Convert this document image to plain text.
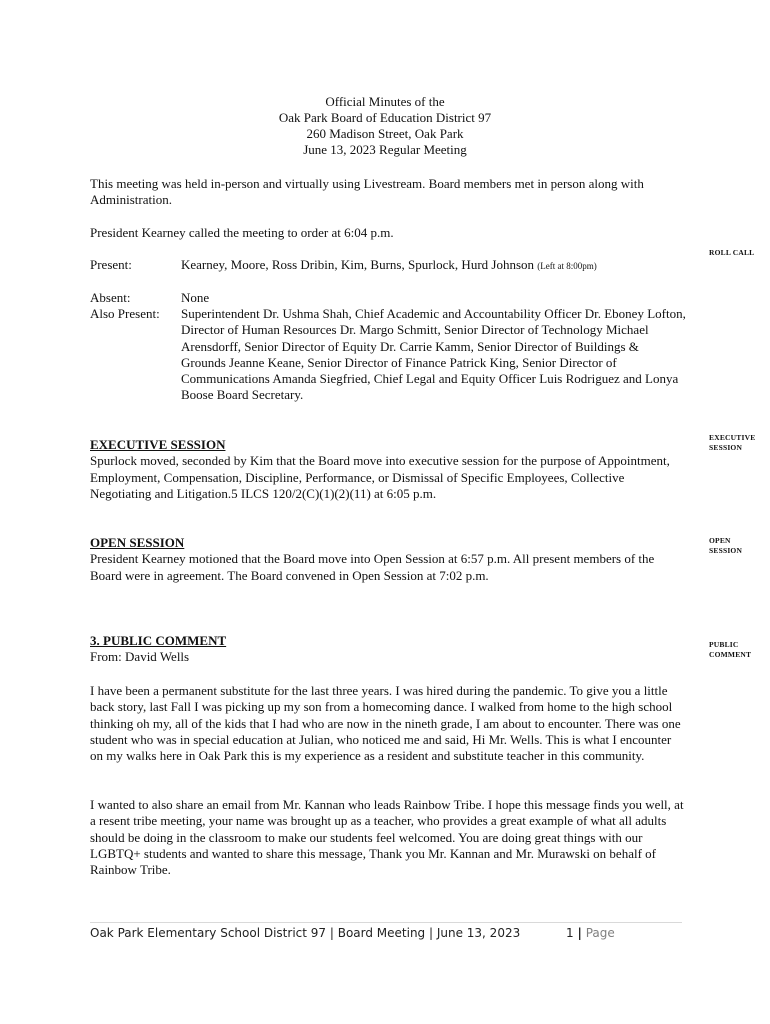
Official Minutes of the
Oak Park Board of Education District 97
260 Madison Street, Oak Park
June 13, 2023 Regular Meeting
This meeting was held in-person and virtually using Livestream. Board members met in person along with Administration.
President Kearney called the meeting to order at 6:04 p.m.
ROLL CALL
Present:	Kearney, Moore, Ross Dribin, Kim, Burns, Spurlock, Hurd Johnson (Left at 8:00pm)
Absent:	None
Also Present: Superintendent Dr. Ushma Shah, Chief Academic and Accountability Officer Dr. Eboney Lofton, Director of Human Resources Dr. Margo Schmitt, Senior Director of Technology Michael Arensdorff, Senior Director of Equity Dr. Carrie Kamm, Senior Director of Buildings & Grounds Jeanne Keane, Senior Director of Finance Patrick King, Senior Director of Communications Amanda Siegfried, Chief Legal and Equity Officer Luis Rodriguez and Lonya Boose Board Secretary.
EXECUTIVE SESSION
EXECUTIVE SESSION
Spurlock moved, seconded by Kim that the Board move into executive session for the purpose of Appointment, Employment, Compensation, Discipline, Performance, or Dismissal of Specific Employees, Collective Negotiating and Litigation.5 ILCS 120/2(C)(1)(2)(11) at 6:05 p.m.
OPEN SESSION
OPEN SESSION
President Kearney motioned that the Board move into Open Session at 6:57 p.m. All present members of the Board were in agreement. The Board convened in Open Session at 7:02 p.m.
PUBLIC COMMENT
3. PUBLIC COMMENT
From: David Wells
I have been a permanent substitute for the last three years. I was hired during the pandemic. To give you a little back story, last Fall I was picking up my son from a homecoming dance. I walked from home to the high school thinking oh my, all of the kids that I had who are now in the nineth grade, I am about to encounter. There was one student who was in special education at Julian, who noticed me and said, Hi Mr. Wells. This is what I encounter on my walks here in Oak Park this is my experience as a resident and substitute teacher in this community.
I wanted to also share an email from Mr. Kannan who leads Rainbow Tribe. I hope this message finds you well, at a resent tribe meeting, your name was brought up as a teacher, who provides a great example of what all adults should be doing in the classroom to make our students feel welcomed. You are doing great things with our LGBTQ+ students and wanted to share this message, Thank you Mr. Kannan and Mr. Murawski on behalf of Rainbow Tribe.
Oak Park Elementary School District 97 | Board Meeting | June 13, 2023	1 | Page
